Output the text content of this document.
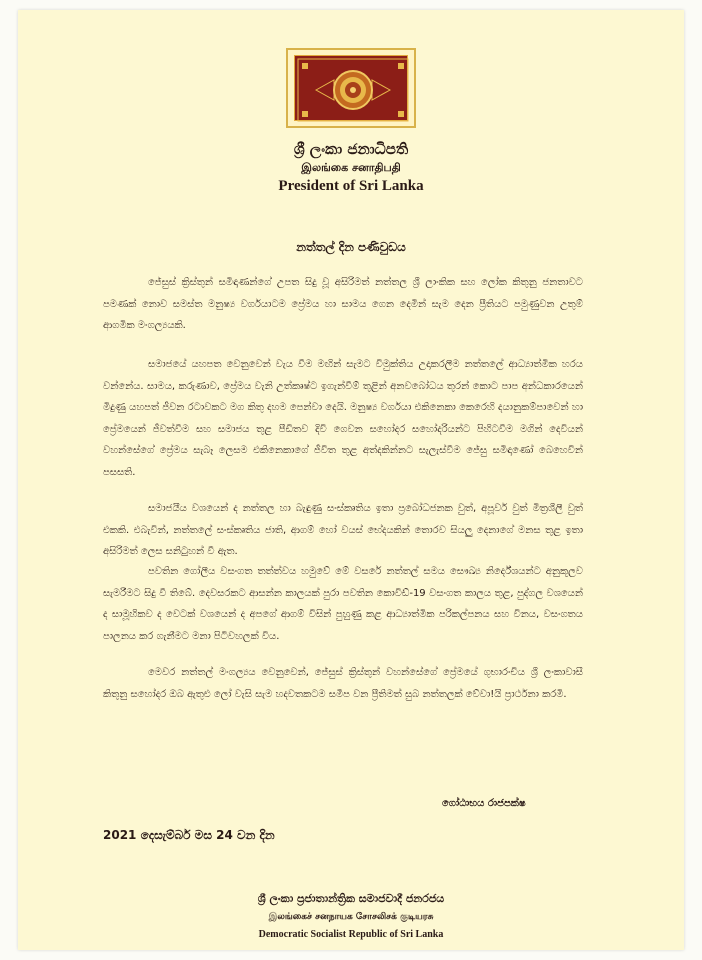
ශ්‍රී ලංකා ජනාධිපති
இலங்கை சனாதிபதி
President of Sri Lanka
නත්තල් දින පණිවුඩය

ජේසුස් ක්‍රිස්තුන් සමිඳාණන්ගේ උපත සිදු වූ අසිරිමත් නත්තල ශ්‍රී ලාංකික සහ ලෝක කිතුනු ජනතාවට පමණක් නොව සමස්ත මනුෂ්‍ය වර්ගයාටම ප්‍රේමය හා සාමය ගෙන දෙමින් සැම දෙන ප්‍රීතියට පමුණුවන උතුම් ආගමික මංගල්‍යයකි.

සමාජයේ යහපත වෙනුවෙන් වැය වීම මඟින් සැමට විමුක්තිය උදාකරලීම නත්තලේ ආධ්‍යාත්මික හරය වන්නේය. සාමය, කරුණාව, ප්‍රේමය වැනි උත්කෘෂ්ට ඉගැන්වීම් තුළින් අනවබෝධය තුරන් කොට පාප අන්ධකාරයෙන් මිදුණු යහපත් ජීවන රටාවකට මග කිතු දහම පෙන්වා දෙයි. මනුෂ්‍ය වර්ගයා එකිනෙකා කෙරෙහි දයානුකම්පාවෙන් හා ප්‍රේමයෙන් ජීවත්වීම සහ සමාජය තුළ පීඩිතව දිවි ගෙවන සහෝදර සහෝදරියන්ට පිහිටවීම මගින් දෙවියන් වහන්සේගේ ප්‍රේමය සැබෑ ලෙසම එකිනෙකාගේ ජීවිත තුළ අත්දකින්නට සැලැස්වීම ජේසු සමිඳාණෝ බෙහෙවින් පසසති.

සමාජයීය වශයෙන් ද නත්තල හා බැඳුණු සංස්කෘතිය ඉතා ප්‍රබෝධජනක වුත්, අපූර්ව වුත් මිත්‍රශීලී වුත් එකකි. එබැවින්, නත්තලේ සංස්කෘතිය ජාති, ආගම් හෝ වයස් භේදයකින් තොරව සියලු දෙනාගේ මනස තුළ ඉතා අසිරිමත් ලෙස සනිටුහන් වී ඇත.

පවතින ගෝලීය වසංගත තත්ත්වය හමුවේ මේ වසරේ නත්තල් සමය සෞඛ්‍ය නිර්දේශයන්ට අනුකූලව සැමරීමට සිදු වී තිබේ. දෙවසරකට ආසන්න කාලයක් පුරා පවතින කොවිඩ්-19 වසංගත කාලය තුළ, පුද්ගල වශයෙන් ද සාමූහිකව ද වෙටක් වශයෙන් ද අපගේ ආගම් විසින් පුහුණු කළ ආධ්‍යාත්මික පරිකල්පනය සහ විනය, වසංගතය පාලනය කර ගැනීමට මනා පිටිවහලක් විය.

මෙවර නත්තල් මංගල්‍යය වෙනුවෙන්, ජේසුස් ක්‍රිස්තුන් වහන්සේගේ ප්‍රේමයේ ගුභාරංචිය ශ්‍රී ලංකාවාසී කිතුනු සහෝදර ඔබ ඇතුළු ලෝ වැසි සැම හදවතකටම සමීප වන ප්‍රීතිමත් සුබ නත්තලක් වේවා!යි ප්‍රාර්ථනා කරමි.

ගෝඨාභය රාජපක්ෂ
2021 දෙසැම්බර් මස 24 වන දින
ශ්‍රී ලංකා ප්‍රජාතාන්ත්‍රික සමාජවාදී ජනරජය
இலங்கைச் சனநாயக சோசலிசக் குடியரசு
Democratic Socialist Republic of Sri Lanka
